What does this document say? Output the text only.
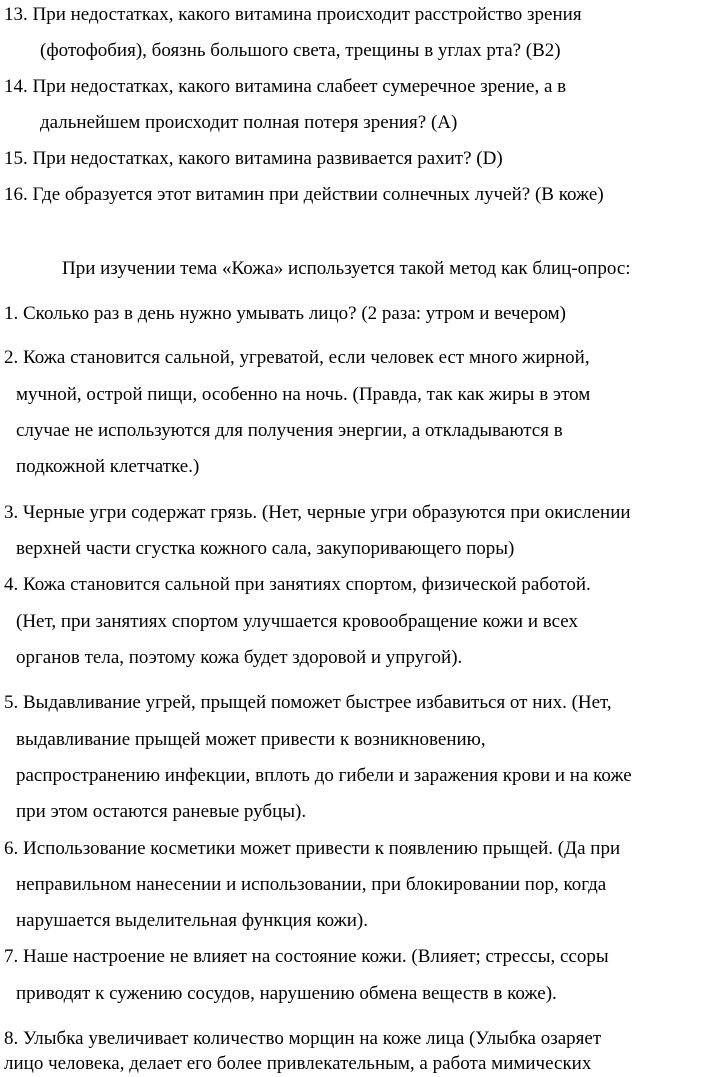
13. При недостатках, какого витамина происходит расстройство зрения
(фотофобия), боязнь большого света, трещины в углах рта? (В2)
14. При недостатках, какого витамина слабеет сумеречное зрение, а в
дальнейшем происходит полная потеря зрения? (А)
15. При недостатках, какого витамина развивается рахит? (D)
16. Где образуется этот витамин при действии солнечных лучей? (В коже)
При изучении тема «Кожа» используется такой метод как блиц-опрос:
1. Сколько раз в день нужно умывать лицо? (2 раза: утром и вечером)
2. Кожа становится сальной, угреватой, если человек ест много жирной,
мучной, острой пищи, особенно на ночь. (Правда, так как жиры в этом
случае не используются для получения энергии, а откладываются в
подкожной клетчатке.)
3. Черные угри содержат грязь. (Нет, черные угри образуются при окислении
верхней части сгустка кожного сала, закупоривающего поры)
4. Кожа становится сальной при занятиях спортом, физической работой.
(Нет, при занятиях спортом улучшается кровообращение кожи и всех
органов тела, поэтому кожа будет здоровой и упругой).
5. Выдавливание угрей, прыщей поможет быстрее избавиться от них. (Нет,
выдавливание прыщей может привести к возникновению,
распространению инфекции, вплоть до гибели и заражения крови и на коже
при этом остаются раневые рубцы).
6. Использование косметики может привести к появлению прыщей. (Да при
неправильном нанесении и использовании, при блокировании пор, когда
нарушается выделительная функция кожи).
7. Наше настроение не влияет на состояние кожи. (Влияет; стрессы, ссоры
приводят к сужению сосудов, нарушению обмена веществ в коже).
8. Улыбка увеличивает количество морщин на коже лица (Улыбка озаряет
лицо человека, делает его более привлекательным, а работа мимических
